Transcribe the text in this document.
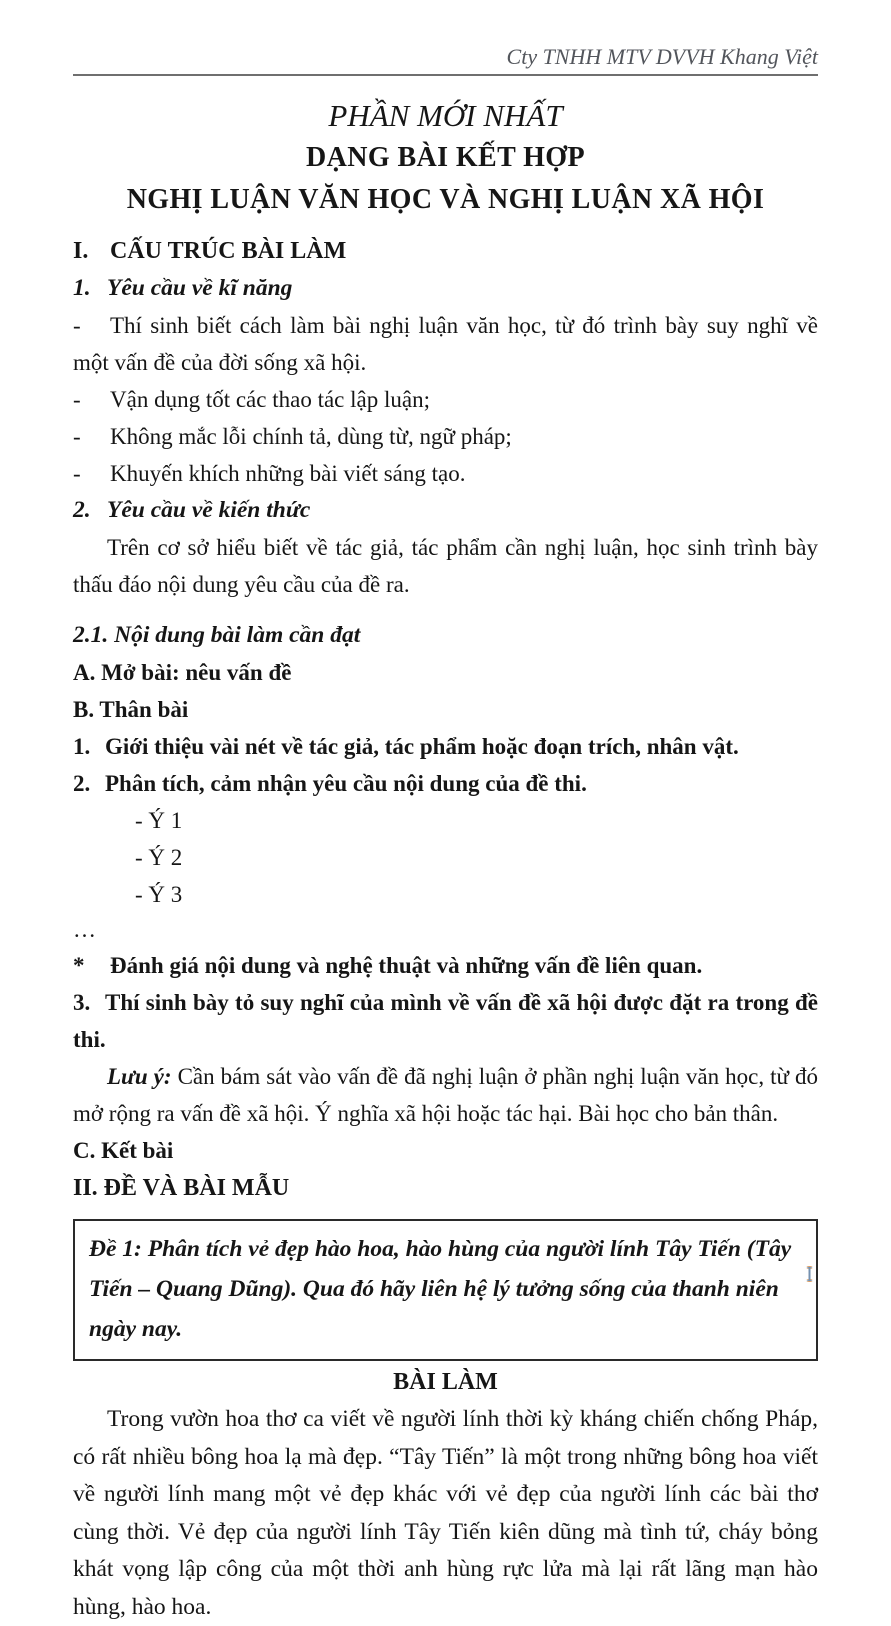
Cty TNHH MTV DVVH Khang Việt
PHẦN MỚI NHẤT
DẠNG BÀI KẾT HỢP
NGHỊ LUẬN VĂN HỌC VÀ NGHỊ LUẬN XÃ HỘI
I. CẤU TRÚC BÀI LÀM
1. Yêu cầu về kĩ năng

- Thí sinh biết cách làm bài nghị luận văn học, từ đó trình bày suy nghĩ về một vấn đề của đời sống xã hội.

- Vận dụng tốt các thao tác lập luận;

- Không mắc lỗi chính tả, dùng từ, ngữ pháp;

- Khuyến khích những bài viết sáng tạo.

2. Yêu cầu về kiến thức

Trên cơ sở hiểu biết về tác giả, tác phẩm cần nghị luận, học sinh trình bày thấu đáo nội dung yêu cầu của đề ra.

2.1. Nội dung bài làm cần đạt
A. Mở bài: nêu vấn đề
B. Thân bài

1. Giới thiệu vài nét về tác giả, tác phẩm hoặc đoạn trích, nhân vật.

2. Phân tích, cảm nhận yêu cầu nội dung của đề thi.

- Ý 1
- Ý 2
- Ý 3
…

* Đánh giá nội dung và nghệ thuật và những vấn đề liên quan.

3. Thí sinh bày tỏ suy nghĩ của mình về vấn đề xã hội được đặt ra trong đề thi.

Lưu ý: Cần bám sát vào vấn đề đã nghị luận ở phần nghị luận văn học, từ đó mở rộng ra vấn đề xã hội. Ý nghĩa xã hội hoặc tác hại. Bài học cho bản thân.

C. Kết bài
II. ĐỀ VÀ BÀI MẪU
Đề 1: Phân tích vẻ đẹp hào hoa, hào hùng của người lính Tây Tiến (Tây Tiến – Quang Dũng). Qua đó hãy liên hệ lý tưởng sống của thanh niên ngày nay.
BÀI LÀM

Trong vườn hoa thơ ca viết về người lính thời kỳ kháng chiến chống Pháp, có rất nhiều bông hoa lạ mà đẹp. “Tây Tiến” là một trong những bông hoa viết về người lính mang một vẻ đẹp khác với vẻ đẹp của người lính các bài thơ cùng thời. Vẻ đẹp của người lính Tây Tiến kiên dũng mà tình tứ, cháy bỏng khát vọng lập công của một thời anh hùng rực lửa mà lại rất lãng mạn hào hùng, hào hoa.

I
